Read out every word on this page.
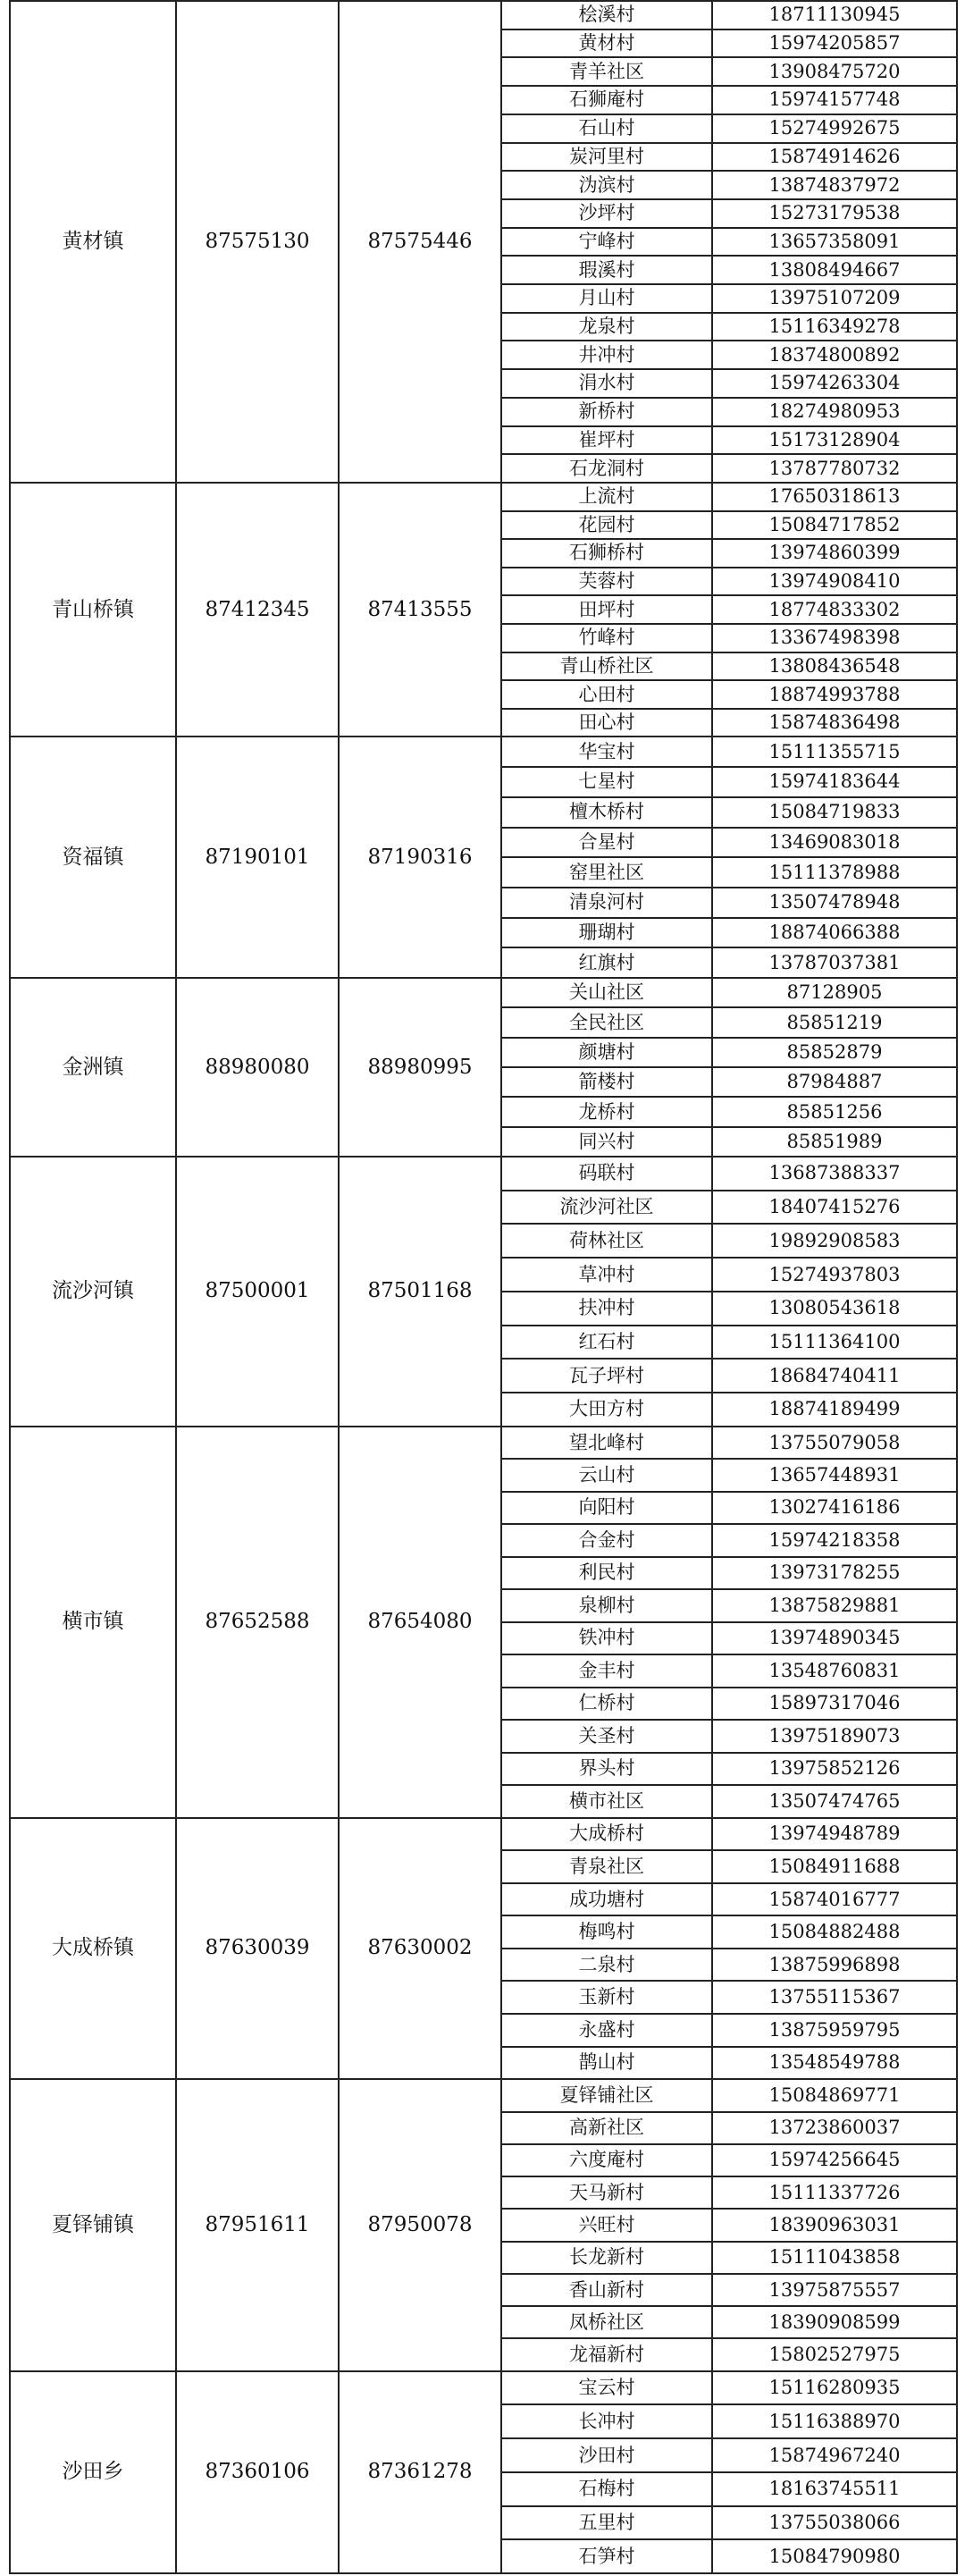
黄材镇	87575130	87575446	桧溪村	18711130945
			黄材村	15974205857
			青羊社区	13908475720
			石狮庵村	15974157748
			石山村	15274992675
			炭河里村	15874914626
			沩滨村	13874837972
			沙坪村	15273179538
			宁峰村	13657358091
			瑕溪村	13808494667
			月山村	13975107209
			龙泉村	15116349278
			井冲村	18374800892
			涓水村	15974263304
			新桥村	18274980953
			崔坪村	15173128904
			石龙洞村	13787780732
青山桥镇	87412345	87413555	上流村	17650318613
			花园村	15084717852
			石狮桥村	13974860399
			芙蓉村	13974908410
			田坪村	18774833302
			竹峰村	13367498398
			青山桥社区	13808436548
			心田村	18874993788
			田心村	15874836498
资福镇	87190101	87190316	华宝村	15111355715
			七星村	15974183644
			檀木桥村	15084719833
			合星村	13469083018
			窑里社区	15111378988
			清泉河村	13507478948
			珊瑚村	18874066388
			红旗村	13787037381
金洲镇	88980080	88980995	关山社区	87128905
			全民社区	85851219
			颜塘村	85852879
			箭楼村	87984887
			龙桥村	85851256
			同兴村	85851989
流沙河镇	87500001	87501168	码联村	13687388337
			流沙河社区	18407415276
			荷林社区	19892908583
			草冲村	15274937803
			扶冲村	13080543618
			红石村	15111364100
			瓦子坪村	18684740411
			大田方村	18874189499
横市镇	87652588	87654080	望北峰村	13755079058
			云山村	13657448931
			向阳村	13027416186
			合金村	15974218358
			利民村	13973178255
			泉柳村	13875829881
			铁冲村	13974890345
			金丰村	13548760831
			仁桥村	15897317046
			关圣村	13975189073
			界头村	13975852126
			横市社区	13507474765
大成桥镇	87630039	87630002	大成桥村	13974948789
			青泉社区	15084911688
			成功塘村	15874016777
			梅鸣村	15084882488
			二泉村	13875996898
			玉新村	13755115367
			永盛村	13875959795
			鹊山村	13548549788
夏铎铺镇	87951611	87950078	夏铎铺社区	15084869771
			高新社区	13723860037
			六度庵村	15974256645
			天马新村	15111337726
			兴旺村	18390963031
			长龙新村	15111043858
			香山新村	13975875557
			凤桥社区	18390908599
			龙福新村	15802527975
沙田乡	87360106	87361278	宝云村	15116280935
			长冲村	15116388970
			沙田村	15874967240
			石梅村	18163745511
			五里村	13755038066
			石笋村	15084790980
